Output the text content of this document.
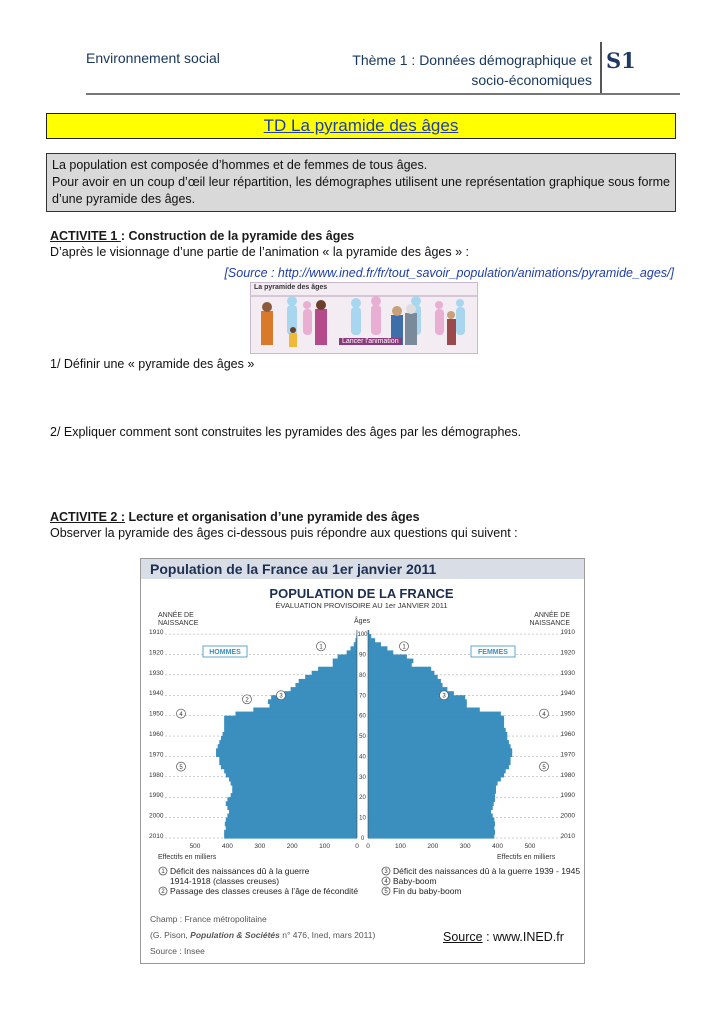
Environnement social	Thème 1 : Données démographique et
socio-économiques
S1
TD La pyramide des âges
La population est composée d’hommes et de femmes de tous âges.
Pour avoir en un coup d’œil leur répartition, les démographes utilisent une représentation graphique sous forme d’une pyramide des âges.
ACTIVITE 1 : Construction de la pyramide des âges
D’après le visionnage d’une partie de l’animation « la pyramide des âges » :
[Source : http://www.ined.fr/fr/tout_savoir_population/animations/pyramide_ages/]
La pyramide des âges
Lancer l'animation
1/ Définir une « pyramide des âges »
2/ Expliquer comment sont construites les pyramides des âges par les démographes.
ACTIVITE 2 : Lecture et organisation d’une pyramide des âges
Observer la pyramide des âges ci-dessous puis répondre aux questions qui suivent :
Population de la France au 1er janvier 2011
POPULATION DE LA FRANCE
ÉVALUATION PROVISOIRE AU 1er JANVIER 2011
ANNÉE DE NAISSANCE
ANNÉE DE NAISSANCE
Âges
Effectifs en milliers	Effectifs en milliers
100
90
80
70
60
50
40
30
20
10
0
1910	1910
1920	1920
1930	1930
1940	1940
1950	1950
1960	1960
1970	1970
1980	1980
1990	1990
2000	2000
2010	2010
500	400	300	200	100	0 0	100	200	300	400	500
HOMMES	FEMMES
1	1
3	3
2
4	4
5	5
1
2
3
4
5
Déficit des naissances dû à la guerre
1914-1918 (classes creuses)
Passage des classes creuses à l’âge de fécondité
Déficit des naissances dû à la guerre 1939 - 1945
Baby-boom
Fin du baby-boom
Champ : France métropolitaine
(G. Pison, Population & Sociétés n° 476, Ined, mars 2011)
Source : Insee
Source : www.INED.fr
